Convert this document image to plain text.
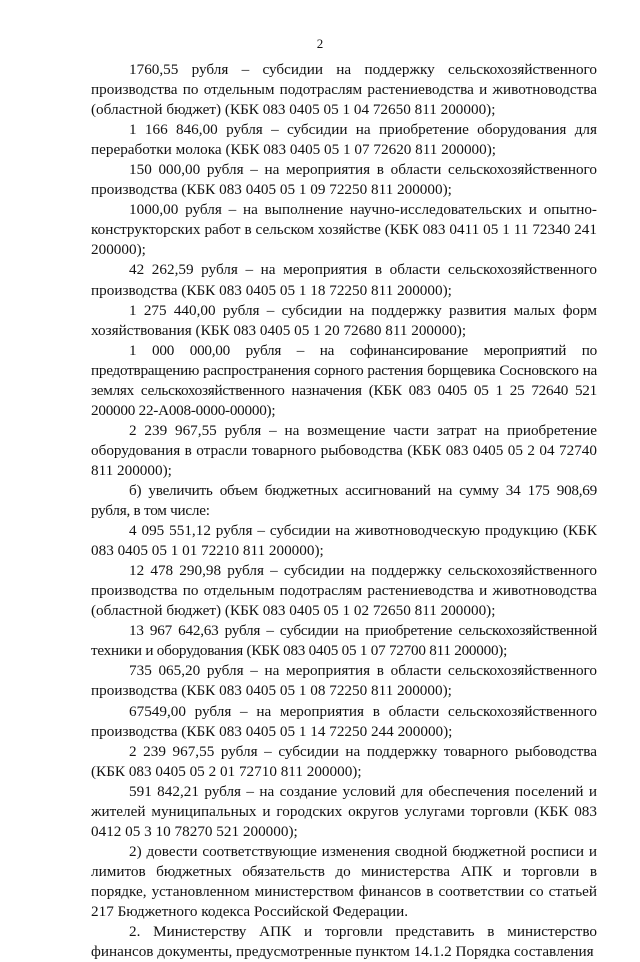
2

1760,55 рубля – субсидии на поддержку сельскохозяйственного производства по отдельным подотраслям растениеводства и животноводства (областной бюджет) (КБК 083 0405 05 1 04 72650 811 200000);

1 166 846,00 рубля – субсидии на приобретение оборудования для переработки молока (КБК 083 0405 05 1 07 72620 811 200000);

150 000,00 рубля – на мероприятия в области сельскохозяйственного производства (КБК 083 0405 05 1 09 72250 811 200000);

1000,00 рубля – на выполнение научно-исследовательских и опытно-конструкторских работ в сельском хозяйстве (КБК 083 0411 05 1 11 72340 241 200000);

42 262,59 рубля – на мероприятия в области сельскохозяйственного производства (КБК 083 0405 05 1 18 72250 811 200000);

1 275 440,00 рубля – субсидии на поддержку развития малых форм хозяйствования (КБК 083 0405 05 1 20 72680 811 200000);

1 000 000,00 рубля – на софинансирование мероприятий по предотвращению распространения сорного растения борщевика Сосновского на землях сельскохозяйственного назначения (КБК 083 0405 05 1 25 72640 521 200000 22-А008-0000-00000);

2 239 967,55 рубля – на возмещение части затрат на приобретение оборудования в отрасли товарного рыбоводства (КБК 083 0405 05 2 04 72740 811 200000);

б) увеличить объем бюджетных ассигнований на сумму 34 175 908,69 рубля, в том числе:

4 095 551,12 рубля – субсидии на животноводческую продукцию (КБК 083 0405 05 1 01 72210 811 200000);

12 478 290,98 рубля – субсидии на поддержку сельскохозяйственного производства по отдельным подотраслям растениеводства и животноводства (областной бюджет) (КБК 083 0405 05 1 02 72650 811 200000);

13 967 642,63 рубля – субсидии на приобретение сельскохозяйственной техники и оборудования (КБК 083 0405 05 1 07 72700 811 200000);

735 065,20 рубля – на мероприятия в области сельскохозяйственного производства (КБК 083 0405 05 1 08 72250 811 200000);

67549,00 рубля – на мероприятия в области сельскохозяйственного производства (КБК 083 0405 05 1 14 72250 244 200000);

2 239 967,55 рубля – субсидии на поддержку товарного рыбоводства (КБК 083 0405 05 2 01 72710 811 200000);

591 842,21 рубля – на создание условий для обеспечения поселений и жителей муниципальных и городских округов услугами торговли (КБК 083 0412 05 3 10 78270 521 200000);

2) довести соответствующие изменения сводной бюджетной росписи и лимитов бюджетных обязательств до министерства АПК и торговли в порядке, установленном министерством финансов в соответствии со статьей 217 Бюджетного кодекса Российской Федерации.

2. Министерству АПК и торговли представить в министерство финансов документы, предусмотренные пунктом 14.1.2 Порядка составления
